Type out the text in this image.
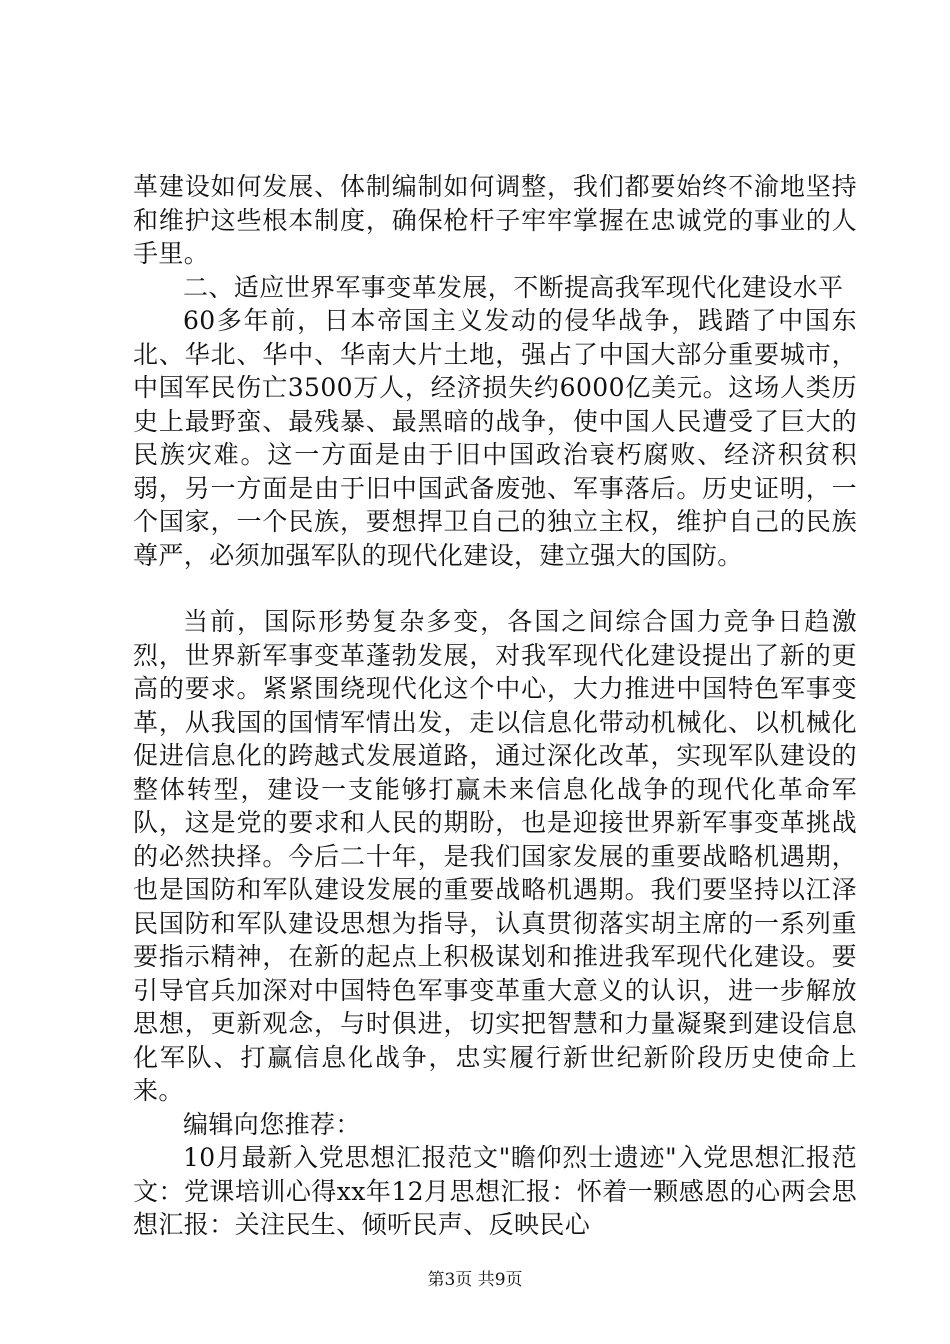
革建设如何发展、体制编制如何调整，我们都要始终不渝地坚持和维护这些根本制度，确保枪杆子牢牢掌握在忠诚党的事业的人手里。

二、适应世界军事变革发展，不断提高我军现代化建设水平

60多年前，日本帝国主义发动的侵华战争，践踏了中国东北、华北、华中、华南大片土地，强占了中国大部分重要城市，中国军民伤亡3500万人，经济损失约6000亿美元。这场人类历史上最野蛮、最残暴、最黑暗的战争，使中国人民遭受了巨大的民族灾难。这一方面是由于旧中国政治衰朽腐败、经济积贫积弱，另一方面是由于旧中国武备废弛、军事落后。历史证明，一个国家，一个民族，要想捍卫自己的独立主权，维护自己的民族尊严，必须加强军队的现代化建设，建立强大的国防。

当前，国际形势复杂多变，各国之间综合国力竞争日趋激烈，世界新军事变革蓬勃发展，对我军现代化建设提出了新的更高的要求。紧紧围绕现代化这个中心，大力推进中国特色军事变革，从我国的国情军情出发，走以信息化带动机械化、以机械化促进信息化的跨越式发展道路，通过深化改革，实现军队建设的整体转型，建设一支能够打赢未来信息化战争的现代化革命军队，这是党的要求和人民的期盼，也是迎接世界新军事变革挑战的必然抉择。今后二十年，是我们国家发展的重要战略机遇期，也是国防和军队建设发展的重要战略机遇期。我们要坚持以江泽民国防和军队建设思想为指导，认真贯彻落实胡主席的一系列重要指示精神，在新的起点上积极谋划和推进我军现代化建设。要引导官兵加深对中国特色军事变革重大意义的认识，进一步解放思想，更新观念，与时俱进，切实把智慧和力量凝聚到建设信息化军队、打赢信息化战争，忠实履行新世纪新阶段历史使命上来。

编辑向您推荐：

10月最新入党思想汇报范文"瞻仰烈士遗迹"入党思想汇报范文：党课培训心得xx年12月思想汇报：怀着一颗感恩的心两会思想汇报：关注民生、倾听民声、反映民心

第3页 共9页
